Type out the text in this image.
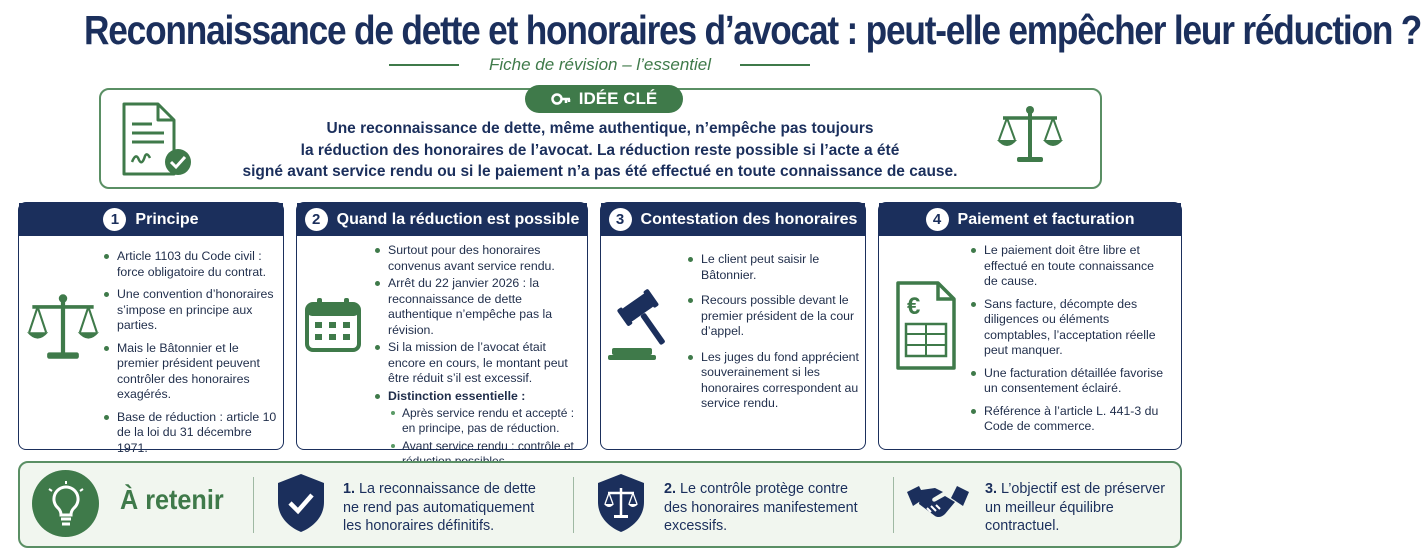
Reconnaissance de dette et honoraires d’avocat : peut-elle empêcher leur réduction ?
Fiche de révision – l’essentiel
IDÉE CLÉ
Une reconnaissance de dette, même authentique, n’empêche pas toujours
la réduction des honoraires de l’avocat. La réduction reste possible si l’acte a été
signé avant service rendu ou si le paiement n’a pas été effectué en toute connaissance de cause.
1	Principe
Article 1103 du Code civil : force obligatoire du contrat.
Une convention d’honoraires s’impose en principe aux parties.
Mais le Bâtonnier et le premier président peuvent contrôler des honoraires exagérés.
Base de réduction : article 10 de la loi du 31 décembre 1971.
2	Quand la réduction est possible
Surtout pour des honoraires convenus avant service rendu.
Arrêt du 22 janvier 2026 : la reconnaissance de dette authentique n’empêche pas la révision.
Si la mission de l’avocat était encore en cours, le montant peut être réduit s’il est excessif.
Distinction essentielle :
Après service rendu et accepté : en principe, pas de réduction.
Avant service rendu : contrôle et
3	Contestation des honoraires
Le client peut saisir le Bâtonnier.
Recours possible devant le premier président de la cour d’appel.
Les juges du fond apprécient souverainement si les honoraires correspondent au service rendu.
4	Paiement et facturation
€
Le paiement doit être libre et effectué en toute connaissance de cause.
Sans facture, décompte des diligences ou éléments comptables, l’acceptation réelle peut manquer.
Une facturation détaillée favorise un consentement éclairé.
Référence à l’article L. 441-3 du Code de commerce.
À retenir	1. La reconnaissance de dette ne rend pas automatiquement les honoraires définitifs.
2. Le contrôle protège contre des honoraires manifestement excessifs.
3. L’objectif est de préserver un meilleur équilibre contractuel.
